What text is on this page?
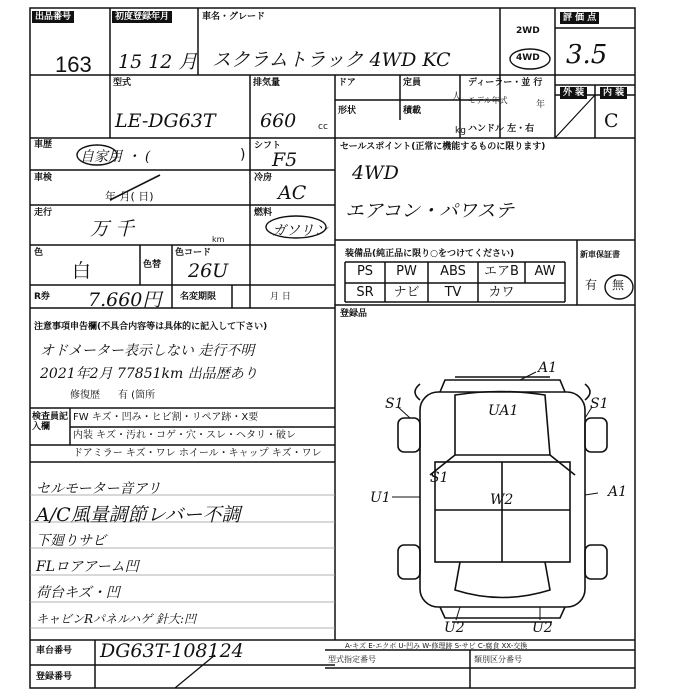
出品番号
163
初度登録年月
15 12 月
車名・グレード
スクラムトラック 4WD KC
2WD
4WD
評 価 点
3.5
型式
LE-DG63T
排気量
660 cc
ドア	定員
人
形状	積載
kg
ディーラー・並 行
モデル年式	年
ハンドル 左・右
外 装	内 装
C
車歴
自家用 ・ (	)
車検
年 月( 日)
走行
万 千	km
シフト
F5
冷房
AC
燃料
ガソリン
色
白	色替
色コード
26U
R券 7.660円 名変期限	月 日
セールスポイント(正常に機能するものに限ります)
4WD
エアコン・パワステ
装備品(純正品に限り○をつけてください)
PS	PW	ABS	エアB	AW
SR	ナビ	TV	カワ
新車保証書
有 無
登録品
注意事項申告欄(不具合内容等は具体的に記入して下さい)
オドメーター表示しない 走行不明
2021年2月 77851km 出品歴あり
修復歴 有 (箇所
検査員記入欄
FW キズ・凹み・ヒビ割・リペア跡・X要
内装 キズ・汚れ・コゲ・穴・スレ・ヘタリ・破レ
ドアミラー キズ・ワレ ホイール・キャップ キズ・ワレ
セルモーター音アリ
A/C風量調節レバー不調
下廻りサビ
FLロアアーム凹
荷台キズ・凹
キャビンRパネルハゲ 針大:凹
A1
S1	S1
UA1
S1
W2
U1	A1
U2	U2
A-キズ E-エクボ U-凹み W-修理跡 S-サビ C-腐食 XX-交換
車台番号 DG63T-108124
登録番号
型式指定番号	類別区分番号
